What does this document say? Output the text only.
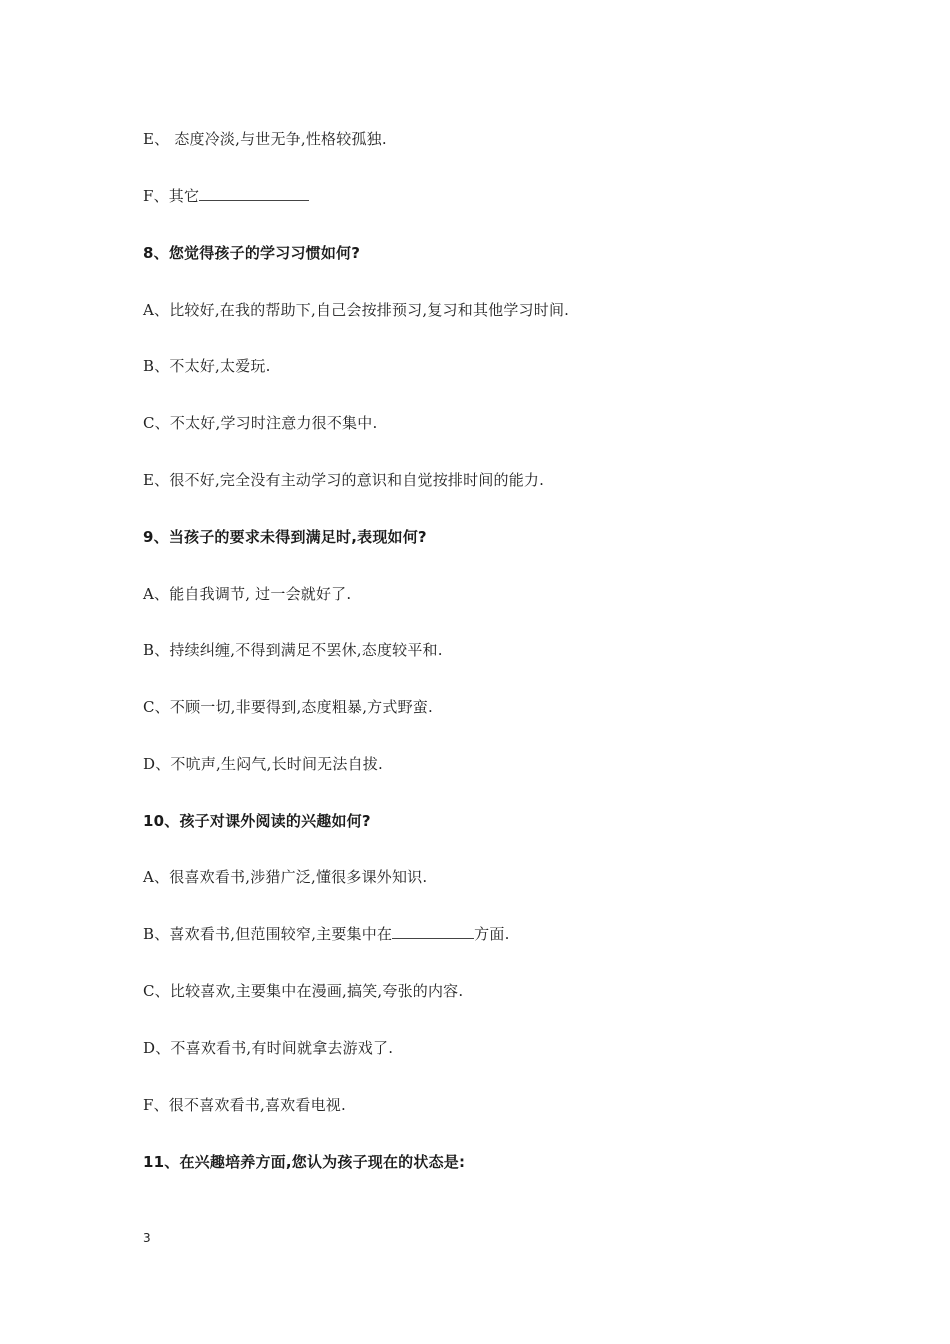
E、 态度冷淡,与世无争,性格较孤独.
F、其它
8、您觉得孩子的学习习惯如何?
A、比较好,在我的帮助下,自己会按排预习,复习和其他学习时间.
B、不太好,太爱玩.
C、不太好,学习时注意力很不集中.
E、很不好,完全没有主动学习的意识和自觉按排时间的能力.
9、当孩子的要求未得到满足时,表现如何?
A、能自我调节, 过一会就好了.
B、持续纠缠,不得到满足不罢休,态度较平和.
C、不顾一切,非要得到,态度粗暴,方式野蛮.
D、不吭声,生闷气,长时间无法自拔.
10、孩子对课外阅读的兴趣如何?
A、很喜欢看书,涉猎广泛,懂很多课外知识.
B、喜欢看书,但范围较窄,主要集中在	方面.
C、比较喜欢,主要集中在漫画,搞笑,夸张的内容.
D、不喜欢看书,有时间就拿去游戏了.
F、很不喜欢看书,喜欢看电视.
11、在兴趣培养方面,您认为孩子现在的状态是:
3
